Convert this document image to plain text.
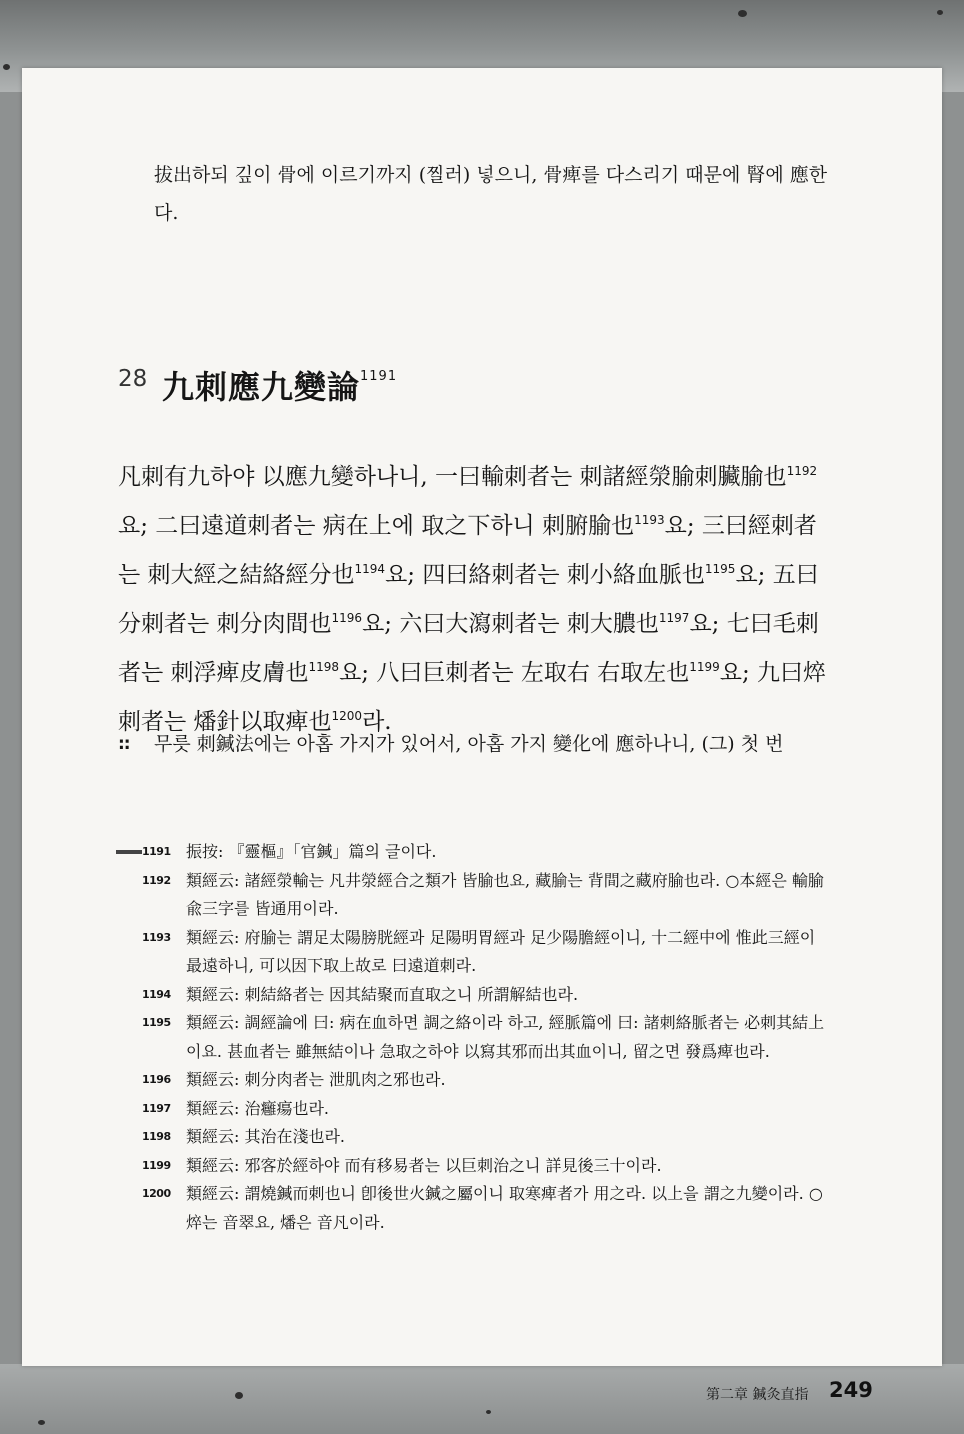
拔出하되 깊이 骨에 이르기까지 (찔러) 넣으니, 骨痺를 다스리기 때문에 腎에 應한다.

28 九刺應九變論$^{1191}$

凡刺有九하야 以應九變하나니, 一曰輸刺者는 刺諸經滎腧刺臟腧也$^{1192}$요; 二曰遠道刺者는 病在上에 取之下하니 刺腑腧也$^{1193}$요; 三曰經刺者는 刺大經之結絡經分也$^{1194}$요; 四曰絡刺者는 刺小絡血脈也$^{1195}$요; 五曰分刺者는 刺分肉間也$^{1196}$요; 六曰大瀉刺者는 刺大膿也$^{1197}$요; 七曰毛刺者는 刺浮痺皮膚也$^{1198}$요; 八曰巨刺者는 左取右 右取左也$^{1199}$요; 九曰焠刺者는 燔針以取痺也$^{1200}$라.

:: 무릇 刺鍼法에는 아홉 가지가 있어서, 아홉 가지 變化에 應하나니, (그) 첫 번

1191 振按: 『靈樞』「官鍼」篇의 글이다.
1192 類經云: 諸經滎輸는 凡井滎經合之類가 皆腧也요, 藏腧는 背間之藏府腧也라. ○本經은 輸腧兪三字를 皆通用이라.
1193 類經云: 府腧는 謂足太陽膀胱經과 足陽明胃經과 足少陽膽經이니, 十二經中에 惟此三經이 最遠하니, 可以因下取上故로 曰遠道刺라.
1194 類經云: 刺結絡者는 因其結聚而直取之니 所謂解結也라.
1195 類經云: 調經論에 曰: 病在血하면 調之絡이라 하고, 經脈篇에 曰: 諸刺絡脈者는 必刺其結上이요. 甚血者는 雖無結이나 急取之하야 以寫其邪而出其血이니, 留之면 發爲痺也라.
1196 類經云: 刺分肉者는 泄肌肉之邪也라.
1197 類經云: 治癰瘍也라.
1198 類經云: 其治在淺也라.
1199 類經云: 邪客於經하야 而有移易者는 以巨刺治之니 詳見後三十이라.
1200 類經云: 謂燒鍼而刺也니 卽後世火鍼之屬이니 取寒痺者가 用之라. 以上을 謂之九變이라. ○焠는 音翠요, 燔은 音凡이라.
第二章 鍼灸直指 249
